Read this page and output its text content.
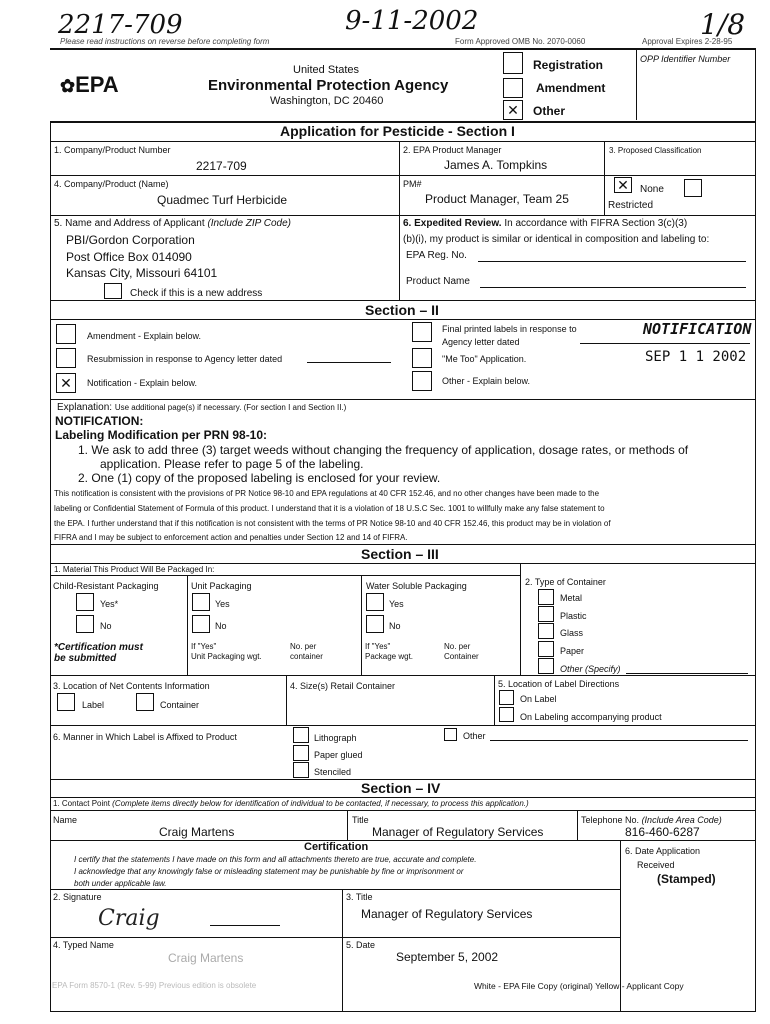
2217-709	9-11-2002	1/8
Please read instructions on reverse before completing form	Form Approved OMB No. 2070-0060	Approval Expires 2-28-95
✿EPA
United States
Environmental Protection Agency
Washington, DC 20460
Registration
Amendment
✕ Other
OPP Identifier Number
Application for Pesticide - Section I
1. Company/Product Number
2217-709
2. EPA Product Manager
James A. Tompkins
3. Proposed Classification
4. Company/Product (Name)
Quadmec Turf Herbicide
PM#
Product Manager, Team 25
✕ None
Restricted
5. Name and Address of Applicant (Include ZIP Code)
PBI/Gordon Corporation
Post Office Box 014090
Kansas City, Missouri 64101
Check if this is a new address
6. Expedited Review. In accordance with FIFRA Section 3(c)(3)
(b)(i), my product is similar or identical in composition and labeling to:
EPA Reg. No.
Product Name
Section – II
Amendment - Explain below.
Resubmission in response to Agency letter dated
✕ Notification - Explain below.
Final printed labels in response to
Agency letter dated
"Me Too" Application.
Other - Explain below.
NOTIFICATION
SEP 1 1 2002
Explanation: Use additional page(s) if necessary. (For section I and Section II.)
NOTIFICATION:
Labeling Modification per PRN 98-10:
1. We ask to add three (3) target weeds without changing the frequency of application, dosage rates, or methods of
application. Please refer to page 5 of the labeling.
2. One (1) copy of the proposed labeling is enclosed for your review.
This notification is consistent with the provisions of PR Notice 98-10 and EPA regulations at 40 CFR 152.46, and no other changes have been made to the
labeling or Confidential Statement of Formula of this product. I understand that it is a violation of 18 U.S.C Sec. 1001 to willfully make any false statement to
the EPA. I further understand that if this notification is not consistent with the terms of PR Notice 98-10 and 40 CFR 152.46, this product may be in violation of
FIFRA and I may be subject to enforcement action and penalties under Section 12 and 14 of FIFRA.
Section – III
1. Material This Product Will Be Packaged In:
Child-Resistant Packaging
Yes*
No
*Certification must
be submitted
Unit Packaging
Yes
No
If "Yes"
Unit Packaging wgt.
No. per
container
Water Soluble Packaging
Yes
No
If "Yes"
Package wgt.
No. per
Container
2. Type of Container
Metal
Plastic
Glass
Paper
Other (Specify)
3. Location of Net Contents Information
Label	Container
4. Size(s) Retail Container	5. Location of Label Directions
On Label
On Labeling accompanying product
6. Manner in Which Label is Affixed to Product	Lithograph
Paper glued
Stenciled
Other
Section – IV
1. Contact Point (Complete items directly below for identification of individual to be contacted, if necessary, to process this application.)
Name
Craig Martens
Title
Manager of Regulatory Services
Telephone No. (Include Area Code)
816-460-6287
Certification
I certify that the statements I have made on this form and all attachments thereto are true, accurate and complete.
I acknowledge that any knowingly false or misleading statement may be punishable by fine or imprisonment or
both under applicable law.
6. Date Application
Received
(Stamped)
2. Signature
Craig
3. Title
Manager of Regulatory Services
4. Typed Name
Craig Martens
5. Date
September 5, 2002
EPA Form 8570-1 (Rev. 5-99) Previous edition is obsolete	White - EPA File Copy (original) Yellow - Applicant Copy
